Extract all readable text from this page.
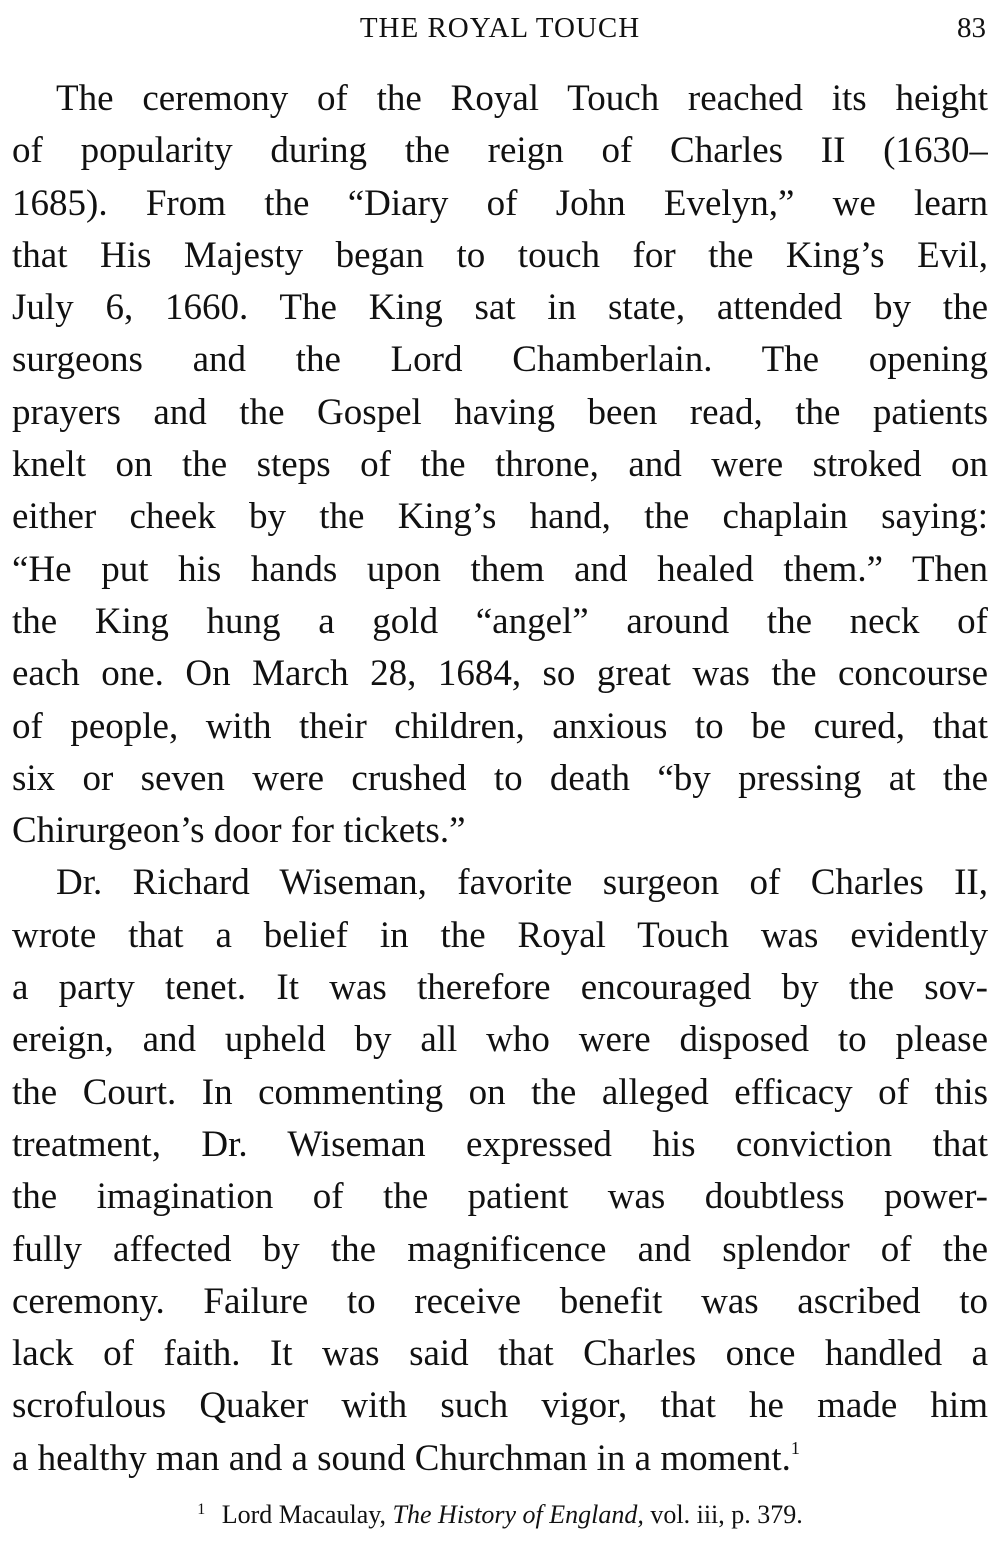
THE ROYAL TOUCH	83
The ceremony of the Royal Touch reached its height
of popularity during the reign of Charles II (1630–
1685). From the “Diary of John Evelyn,” we learn
that His Majesty began to touch for the King’s Evil,
July 6, 1660. The King sat in state, attended by the
surgeons and the Lord Chamberlain. The opening
prayers and the Gospel having been read, the patients
knelt on the steps of the throne, and were stroked on
either cheek by the King’s hand, the chaplain saying:
“He put his hands upon them and healed them.” Then
the King hung a gold “angel” around the neck of
each one. On March 28, 1684, so great was the concourse
of people, with their children, anxious to be cured, that
six or seven were crushed to death “by pressing at the
Chirurgeon’s door for tickets.”
Dr. Richard Wiseman, favorite surgeon of Charles II,
wrote that a belief in the Royal Touch was evidently
a party tenet. It was therefore encouraged by the sov-
ereign, and upheld by all who were disposed to please
the Court. In commenting on the alleged efficacy of this
treatment, Dr. Wiseman expressed his conviction that
the imagination of the patient was doubtless power-
fully affected by the magnificence and splendor of the
ceremony. Failure to receive benefit was ascribed to
lack of faith. It was said that Charles once handled a
scrofulous Quaker with such vigor, that he made him
a healthy man and a sound Churchman in a moment.$^1$
$^1$ Lord Macaulay, The History of England, vol. iii, p. 379.
